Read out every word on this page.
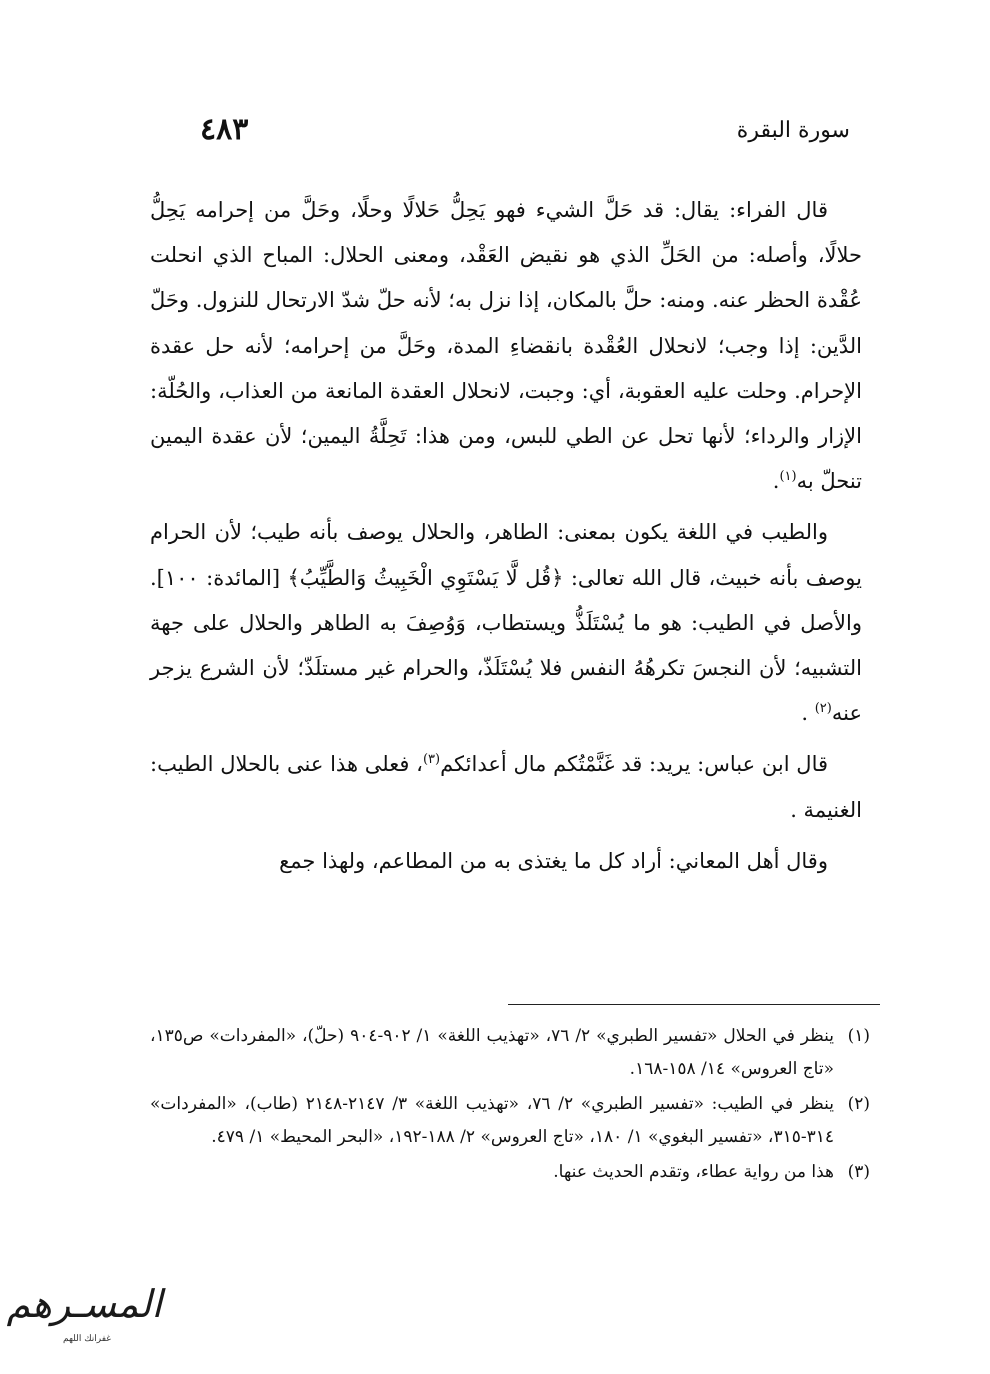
سورة البقرة
٤٨٣

قال الفراء: يقال: قد حَلَّ الشيء فهو يَحِلُّ حَلالًا وحلًا، وحَلَّ من إحرامه يَحِلُّ حلالًا، وأصله: من الحَلِّ الذي هو نقيض العَقْد، ومعنى الحلال: المباح الذي انحلت عُقْدة الحظر عنه. ومنه: حلَّ بالمكان، إذا نزل به؛ لأنه حلّ شدّ الارتحال للنزول. وحَلّ الدَّين: إذا وجب؛ لانحلال العُقْدة بانقضاءِ المدة، وحَلَّ من إحرامه؛ لأنه حل عقدة الإحرام. وحلت عليه العقوبة، أي: وجبت، لانحلال العقدة المانعة من العذاب، والحُلّة: الإزار والرداء؛ لأنها تحل عن الطي للبس، ومن هذا: تَحِلَّةُ اليمين؛ لأن عقدة اليمين تنحلّ به$^{(١)}$.

والطيب في اللغة يكون بمعنى: الطاهر، والحلال يوصف بأنه طيب؛ لأن الحرام يوصف بأنه خبيث، قال الله تعالى: ﴿قُل لَّا يَسْتَوِي الْخَبِيثُ وَالطَّيِّبُ﴾ [المائدة: ١٠٠]. والأصل في الطيب: هو ما يُسْتَلَذُّ ويستطاب، وَوُصِفَ به الطاهر والحلال على جهة التشبيه؛ لأن النجسَ تكرهُهُ النفس فلا يُسْتَلَذّ، والحرام غير مستلَذّ؛ لأن الشرع يزجر عنه$^{(٢)}$ .

قال ابن عباس: يريد: قد غَنَّمْتُكم مال أعدائكم$^{(٣)}$، فعلى هذا عنى بالحلال الطيب: الغنيمة .

وقال أهل المعاني: أراد كل ما يغتذى به من المطاعم، ولهذا جمع

(١)
ينظر في الحلال «تفسير الطبري» ٢/ ٧٦، «تهذيب اللغة» ١/ ٩٠٢-٩٠٤ (حلّ)، «المفردات» ص١٣٥، «تاج العروس» ١٤/ ١٥٨-١٦٨.
(٢)
ينظر في الطيب: «تفسير الطبري» ٢/ ٧٦، «تهذيب اللغة» ٣/ ٢١٤٧-٢١٤٨ (طاب)، «المفردات» ٣١٤-٣١٥، «تفسير البغوي» ١/ ١٨٠، «تاج العروس» ٢/ ١٨٨-١٩٢، «البحر المحيط» ١/ ٤٧٩.
(٣)
هذا من رواية عطاء، وتقدم الحديث عنها.
المسـرهم
غفرانك اللهم
